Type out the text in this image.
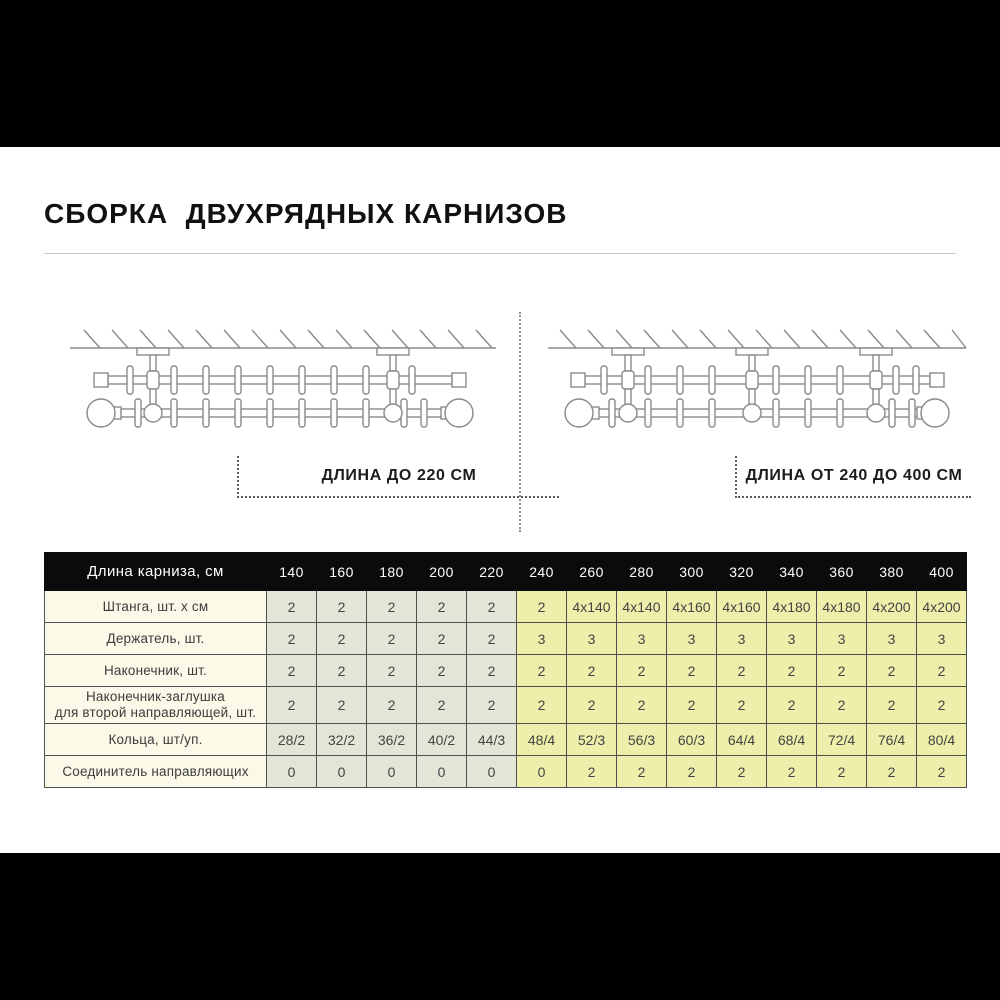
СБОРКА  ДВУХРЯДНЫХ КАРНИЗОВ
ДЛИНА ДО 220 СМ	ДЛИНА ОТ 240 ДО 400 СМ
Длина карниза, см	140	160	180	200	220	240	260	280	300	320	340	360	380	400
Штанга, шт. х см	2	2	2	2	2	2	4x140	4x140	4x160	4x160	4x180	4x180	4x200	4x200
Держатель, шт.	2	2	2	2	2	3	3	3	3	3	3	3	3	3
Наконечник, шт.	2	2	2	2	2	2	2	2	2	2	2	2	2	2
Наконечник-заглушка
для второй направляющей, шт.	2	2	2	2	2	2	2	2	2	2	2	2	2	2
Кольца, шт/уп.	28/2	32/2	36/2	40/2	44/3	48/4	52/3	56/3	60/3	64/4	68/4	72/4	76/4	80/4
Соединитель направляющих	0	0	0	0	0	0	2	2	2	2	2	2	2	2
